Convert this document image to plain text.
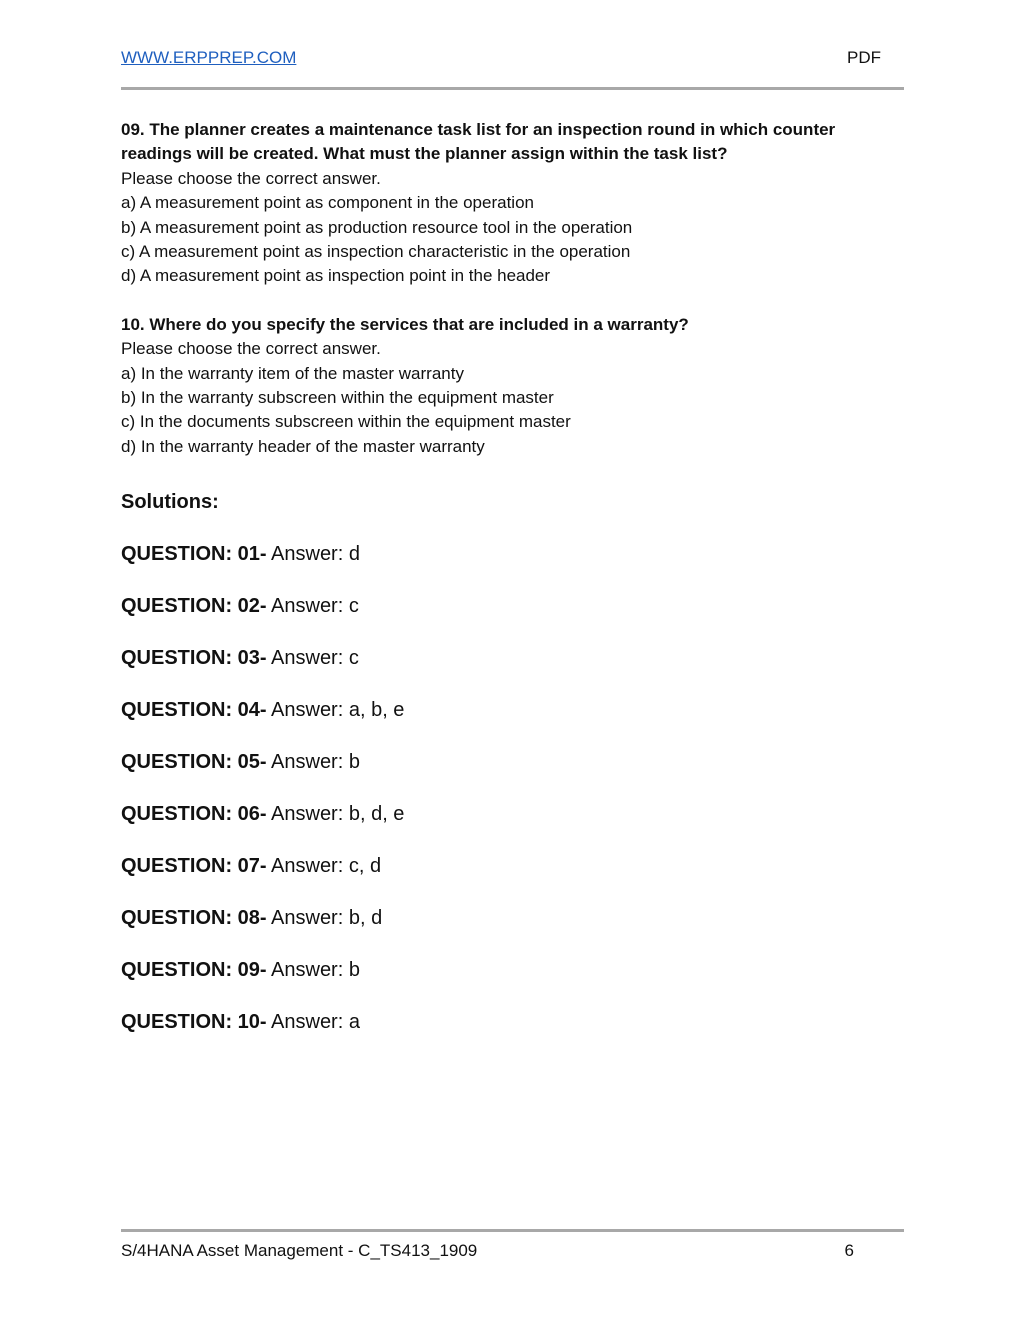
WWW.ERPPREP.COM	PDF
09. The planner creates a maintenance task list for an inspection round in which counter
readings will be created. What must the planner assign within the task list?
Please choose the correct answer.
a) A measurement point as component in the operation
b) A measurement point as production resource tool in the operation
c) A measurement point as inspection characteristic in the operation
d) A measurement point as inspection point in the header
10. Where do you specify the services that are included in a warranty?
Please choose the correct answer.
a) In the warranty item of the master warranty
b) In the warranty subscreen within the equipment master
c) In the documents subscreen within the equipment master
d) In the warranty header of the master warranty
Solutions:
QUESTION: 01- Answer: d
QUESTION: 02- Answer: c
QUESTION: 03- Answer: c
QUESTION: 04- Answer: a, b, e
QUESTION: 05- Answer: b
QUESTION: 06- Answer: b, d, e
QUESTION: 07- Answer: c, d
QUESTION: 08- Answer: b, d
QUESTION: 09- Answer: b
QUESTION: 10- Answer: a
S/4HANA Asset Management - C_TS413_1909	6
